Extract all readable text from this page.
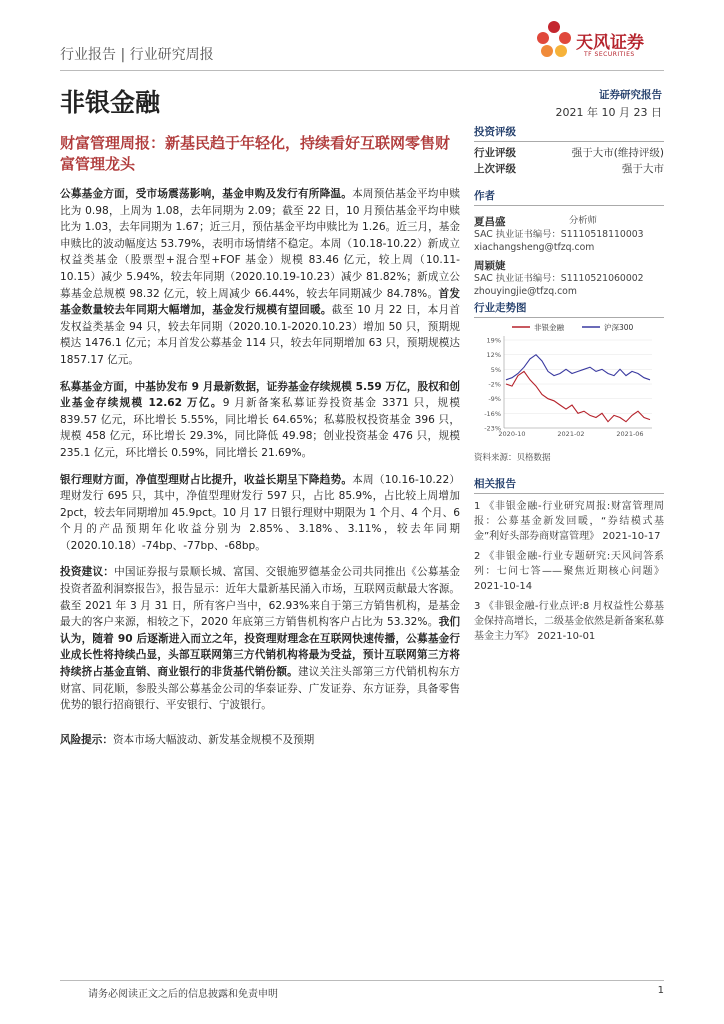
行业报告 | 行业研究周报
天风证券
TF SECURITIES
非银金融	证券研究报告
2021 年 10 月 23 日
财富管理周报：新基民趋于年轻化，持续看好互联网零售财富管理龙头

公募基金方面，受市场震荡影响，基金申购及发行有所降温。本周预估基金平均申赎比为 0.98，上周为 1.08，去年同期为 2.09；截至 22 日，10 月预估基金平均申赎比为 1.03，去年同期为 1.67；近三月，预估基金平均申赎比为 1.26。近三月，基金申赎比的波动幅度达 53.79%，表明市场情绪不稳定。本周（10.18-10.22）新成立权益类基金（股票型+混合型+FOF 基金）规模 83.46 亿元，较上周（10.11-10.15）减少 5.94%，较去年同期（2020.10.19-10.23）减少 81.82%；新成立公募基金总规模 98.32 亿元，较上周减少 66.44%，较去年同期减少 84.78%。首发基金数量较去年同期大幅增加，基金发行规模有望回暖。截至 10 月 22 日，本月首发权益类基金 94 只，较去年同期（2020.10.1-2020.10.23）增加 50 只，预期规模达 1476.1 亿元；本月首发公募基金 114 只，较去年同期增加 63 只，预期规模达 1857.17 亿元。

私募基金方面，中基协发布 9 月最新数据，证券基金存续规模 5.59 万亿，股权和创业基金存续规模 12.62 万亿。9 月新备案私募证券投资基金 3371 只，规模 839.57 亿元，环比增长 5.55%，同比增长 64.65%；私募股权投资基金 396 只，规模 458 亿元，环比增长 29.3%，同比降低 49.98；创业投资基金 476 只，规模 235.1 亿元，环比增长 0.59%，同比增长 21.69%。

银行理财方面，净值型理财占比提升，收益长期呈下降趋势。本周（10.16-10.22）理财发行 695 只，其中，净值型理财发行 597 只，占比 85.9%，占比较上周增加 2pct，较去年同期增加 45.9pct。10 月 17 日银行理财中期限为 1 个月、4 个月、6 个月的产品预期年化收益分别为 2.85%、3.18%、3.11%，较去年同期（2020.10.18）-74bp、-77bp、-68bp。

投资建议：中国证券报与景顺长城、富国、交银施罗德基金公司共同推出《公募基金投资者盈利洞察报告》，报告显示：近年大量新基民涌入市场，互联网贡献最大客源。截至 2021 年 3 月 31 日，所有客户当中，62.93%来自于第三方销售机构，是基金最大的客户来源，相较之下，2020 年底第三方销售机构客户占比为 53.32%。我们认为，随着 90 后逐渐进入而立之年，投资理财理念在互联网快速传播，公募基金行业成长性将持续凸显，头部互联网第三方代销机构将最为受益，预计互联网第三方将持续挤占基金直销、商业银行的非货基代销份额。建议关注头部第三方代销机构东方财富、同花顺，参股头部公募基金公司的华泰证券、广发证券、东方证券，具备零售优势的银行招商银行、平安银行、宁波银行。

风险提示：资本市场大幅波动、新发基金规模不及预期

投资评级
行业评级	强于大市(维持评级)
上次评级	强于大市
作者
夏昌盛	分析师
SAC 执业证书编号：S1110518110003
xiachangsheng@tfzq.com
周颖婕
SAC 执业证书编号：S1110521060002
zhouyingjie@tfzq.com
行业走势图
非银金融	沪深300
19%
12%
5%
-2%
-9%
-16%
-23%
2020-10	2021-02	2021-06
资料来源：贝格数据
相关报告
1 《非银金融-行业研究周报:财富管理周报：公募基金新发回暖，“券结模式基金”利好头部券商财富管理》 2021-10-17
2 《非银金融-行业专题研究:天风问答系列：七问七答——聚焦近期核心问题》 2021-10-14
3 《非银金融-行业点评:8 月权益性公募基金保持高增长，二级基金依然是新备案私募基金主力军》 2021-10-01
请务必阅读正文之后的信息披露和免责申明	1
